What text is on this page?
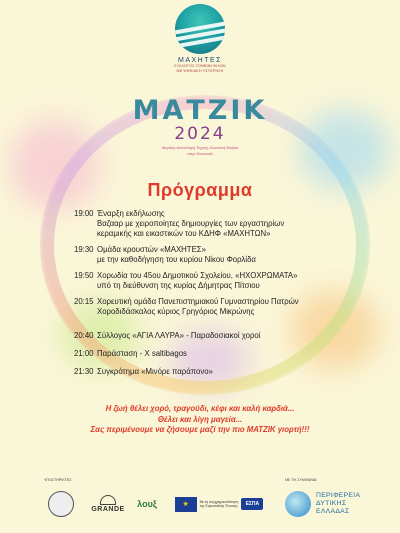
ΜΑΧΗΤΕΣ
ΣΥΛΛΟΓΟΣ ΓΟΝΕΩΝ ΦΙΛΩΝ
ΜΕ ΨΗΦΙΑΚΗ ΥΣΤΕΡΗΣΗ
ΜΑΤΖΙΚ
2024
Μεγάλη Ανταλλαγή Τεχνης Ζωντανή Ιδεάρα
στην Κοινωνία
Πρόγραμμα
19:00 Έναρξη εκδήλωσης
Βαζααρ με χειροποίητες δημιουργίες των εργαστηρίων
κεραμικής και εικαστικών του ΚΔΗΦ «ΜΑΧΗΤΩΝ»
19:30 Ομάδα κρουστών «ΜΑΧΗΤΕΣ»
με την καθοδήγηση του κυρίου Νίκου Φορλίδα
19:50 Χορωδία του 45ου Δημοτικού Σχολείου, «ΗΧΟΧΡΩΜΑΤΑ»
υπό τη διεύθυνση της κυρίας Δήμητρας Πίτσιου
20:15 Χορευτική ομάδα Πανεπιστημιακού Γυμναστηρίου Πατρών
Χοροδιδάσκαλος κύριος Γρηγόριος Μικρώνης
20:40 Σύλλογος «ΑΓΙΑ ΛΑΥΡΑ» - Παραδοσιακοί χοροί
21:00 Παράσταση - X saltibagos
21:30 Συγκρότημα «Μινόρε παράπονο»
Η ζωή θέλει χορό, τραγούδι, κέφι και καλή καρδιά...
Θέλει και λίγη μαγεία...
Σας περιμένουμε να ζήσουμε μαζί την πιο ΜΑΤΖΙΚ γιορτή!!!
ΥΠΟΣΤΗΡΙΚΤΕΣ:	ΜΕ ΤΗ ΣΥΜΦΩΝΙΑ:
GRANDE
λουξ	★	Με τη συγχρηματοδότηση
της Ευρωπαϊκής Ένωσης	ΕΣΠΑ
ΠΕΡΙΦΕΡΕΙΑ
ΔΥΤΙΚΗΣ
ΕΛΛΑΔΑΣ
